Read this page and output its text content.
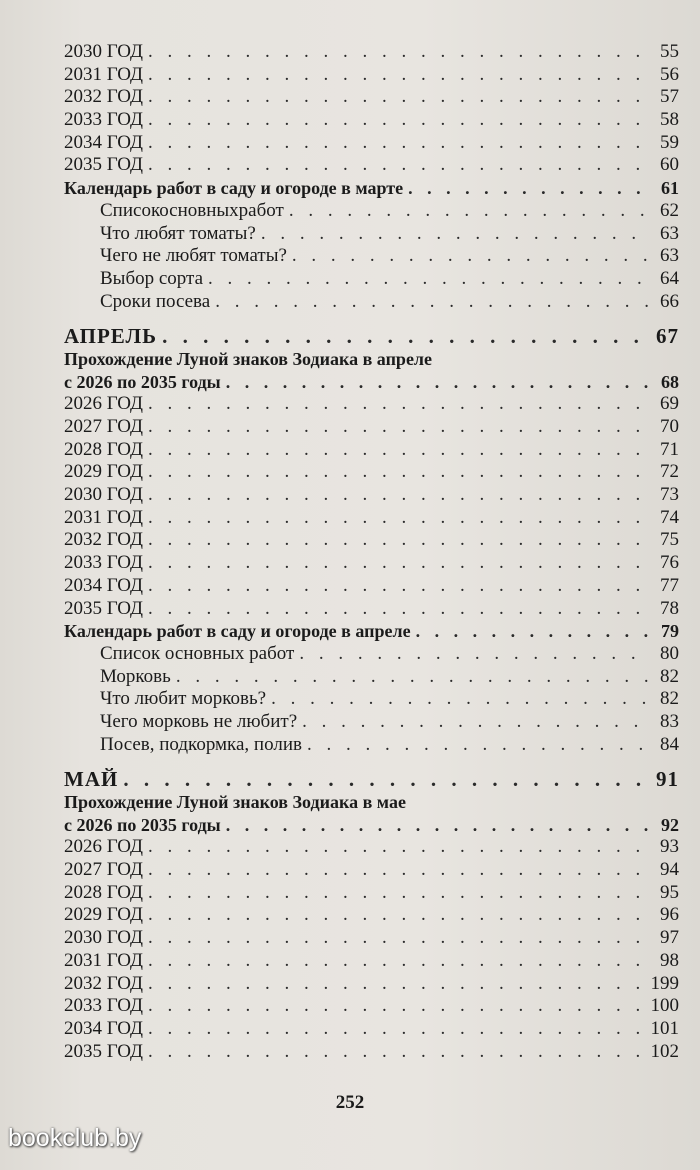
2030 ГОД . . .	55
2031 ГОД . . .	56
2032 ГОД . . .	57
2033 ГОД . . .	58
2034 ГОД . . .	59
2035 ГОД . . .	60
Календарь работ в саду и огороде в марте . . .	61
Списокосновныхработ . . .	62
Что любят томаты? . . .	63
Чего не любят томаты? . . .	63
Выбор сорта . . .	64
Сроки посева . . .	66
АПРЕЛЬ . . .	67
Прохождение Луной знаков Зодиака в апреле
с 2026 по 2035 годы . . .	68
2026 ГОД . . .	69
2027 ГОД . . .	70
2028 ГОД . . .	71
2029 ГОД . . .	72
2030 ГОД . . .	73
2031 ГОД . . .	74
2032 ГОД . . .	75
2033 ГОД . . .	76
2034 ГОД . . .	77
2035 ГОД . . .	78
Календарь работ в саду и огороде в апреле . . .	79
Список основных работ . . .	80
Морковь . . .	82
Что любит морковь? . . .	82
Чего морковь не любит? . . .	83
Посев, подкормка, полив . . .	84
МАЙ . . .	91
Прохождение Луной знаков Зодиака в мае
с 2026 по 2035 годы . . .	92
2026 ГОД . . .	93
2027 ГОД . . .	94
2028 ГОД . . .	95
2029 ГОД . . .	96
2030 ГОД . . .	97
2031 ГОД . . .	98
2032 ГОД . . .	199
2033 ГОД . . .	100
2034 ГОД . . .	101
2035 ГОД . . .	102
252
bookclub.by
